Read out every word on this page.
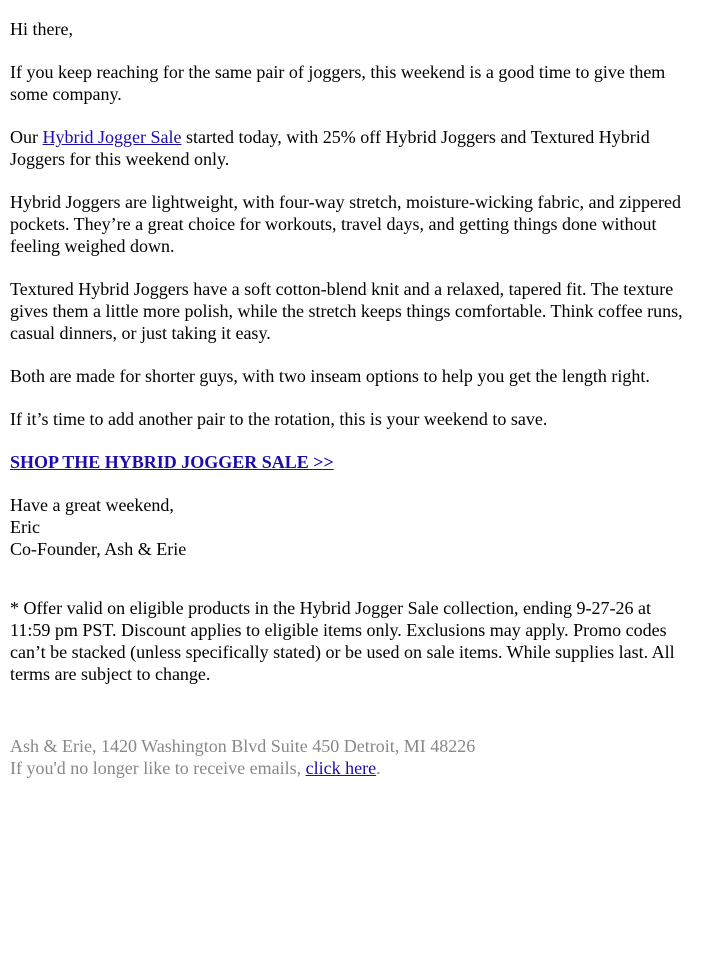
Hi there,

If you keep reaching for the same pair of joggers, this weekend is a good time to give them some company.

Our Hybrid Jogger Sale started today, with 25% off Hybrid Joggers and Textured Hybrid Joggers for this weekend only.

Hybrid Joggers are lightweight, with four-way stretch, moisture-wicking fabric, and zippered pockets. They’re a great choice for workouts, travel days, and getting things done without feeling weighed down.

Textured Hybrid Joggers have a soft cotton-blend knit and a relaxed, tapered fit. The texture gives them a little more polish, while the stretch keeps things comfortable. Think coffee runs, casual dinners, or just taking it easy.

Both are made for shorter guys, with two inseam options to help you get the length right.

If it’s time to add another pair to the rotation, this is your weekend to save.

SHOP THE HYBRID JOGGER SALE >>

Have a great weekend,
Eric
Co-Founder, Ash & Erie

* Offer valid on eligible products in the Hybrid Jogger Sale collection, ending 9-27-26 at 11:59 pm PST. Discount applies to eligible items only. Exclusions may apply. Promo codes can’t be stacked (unless specifically stated) or be used on sale items. While supplies last. All terms are subject to change.

Ash & Erie, 1420 Washington Blvd Suite 450 Detroit, MI 48226
If you'd no longer like to receive emails, click here.
